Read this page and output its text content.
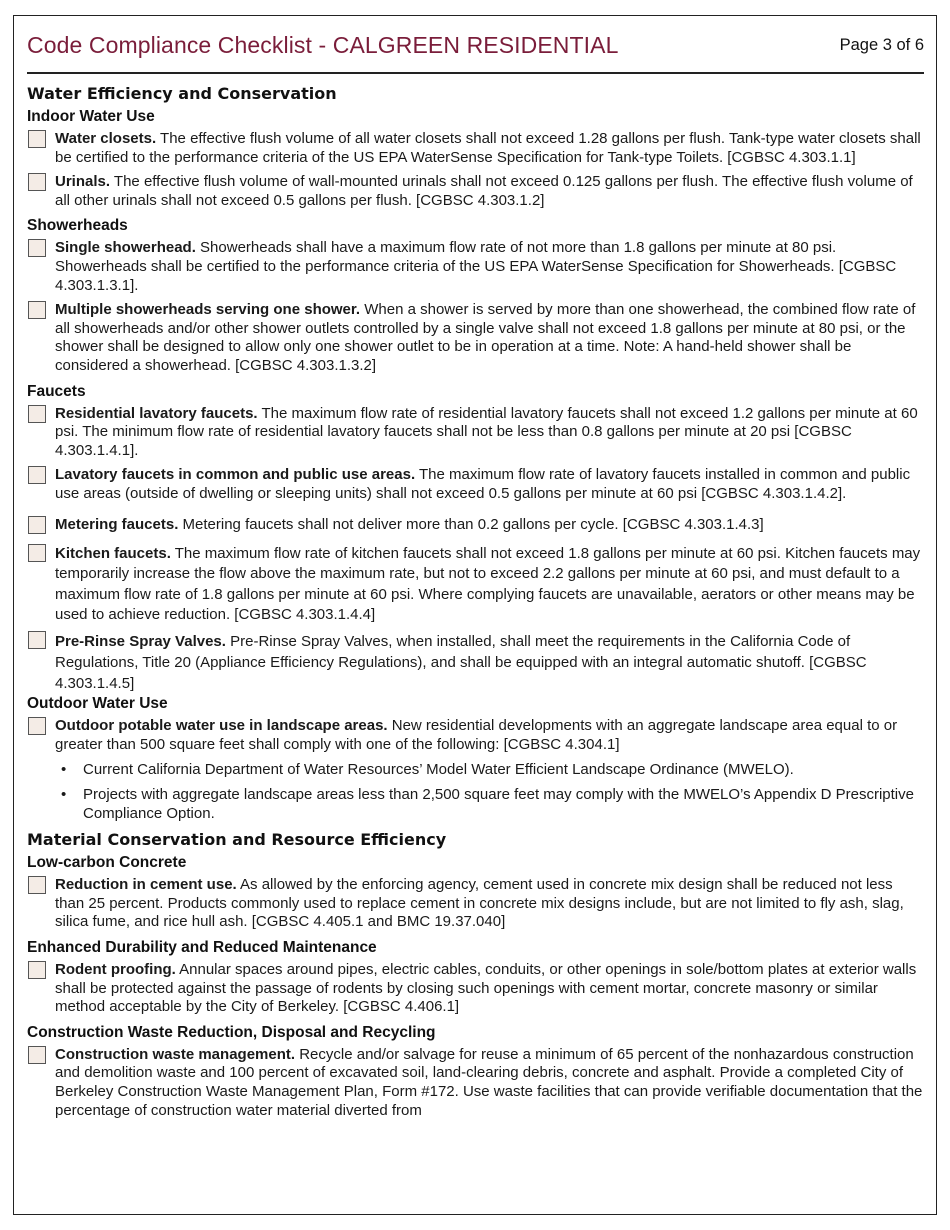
Code Compliance Checklist - CALGREEN RESIDENTIAL	Page 3 of 6
Water Efficiency and Conservation
Indoor Water Use
Water closets. The effective flush volume of all water closets shall not exceed 1.28 gallons per flush. Tank-type water closets shall be certified to the performance criteria of the US EPA WaterSense Specification for Tank-type Toilets. [CGBSC 4.303.1.1]
Urinals. The effective flush volume of wall-mounted urinals shall not exceed 0.125 gallons per flush. The effective flush volume of all other urinals shall not exceed 0.5 gallons per flush. [CGBSC 4.303.1.2]
Showerheads
Single showerhead. Showerheads shall have a maximum flow rate of not more than 1.8 gallons per minute at 80 psi. Showerheads shall be certified to the performance criteria of the US EPA WaterSense Specification for Showerheads. [CGBSC 4.303.1.3.1].
Multiple showerheads serving one shower. When a shower is served by more than one showerhead, the combined flow rate of all showerheads and/or other shower outlets controlled by a single valve shall not exceed 1.8 gallons per minute at 80 psi, or the shower shall be designed to allow only one shower outlet to be in operation at a time. Note: A hand-held shower shall be considered a showerhead. [CGBSC 4.303.1.3.2]
Faucets
Residential lavatory faucets. The maximum flow rate of residential lavatory faucets shall not exceed 1.2 gallons per minute at 60 psi. The minimum flow rate of residential lavatory faucets shall not be less than 0.8 gallons per minute at 20 psi [CGBSC 4.303.1.4.1].
Lavatory faucets in common and public use areas. The maximum flow rate of lavatory faucets installed in common and public use areas (outside of dwelling or sleeping units) shall not exceed 0.5 gallons per minute at 60 psi [CGBSC 4.303.1.4.2].
Metering faucets. Metering faucets shall not deliver more than 0.2 gallons per cycle. [CGBSC 4.303.1.4.3]
Kitchen faucets. The maximum flow rate of kitchen faucets shall not exceed 1.8 gallons per minute at 60 psi. Kitchen faucets may temporarily increase the flow above the maximum rate, but not to exceed 2.2 gallons per minute at 60 psi, and must default to a maximum flow rate of 1.8 gallons per minute at 60 psi. Where complying faucets are unavailable, aerators or other means may be used to achieve reduction. [CGBSC 4.303.1.4.4]
Pre-Rinse Spray Valves. Pre-Rinse Spray Valves, when installed, shall meet the requirements in the California Code of Regulations, Title 20 (Appliance Efficiency Regulations), and shall be equipped with an integral automatic shutoff. [CGBSC 4.303.1.4.5]
Outdoor Water Use
Outdoor potable water use in landscape areas. New residential developments with an aggregate landscape area equal to or greater than 500 square feet shall comply with one of the following: [CGBSC 4.304.1]
• Current California Department of Water Resources’ Model Water Efficient Landscape Ordinance (MWELO).
• Projects with aggregate landscape areas less than 2,500 square feet may comply with the MWELO’s Appendix D Prescriptive Compliance Option.
Material Conservation and Resource Efficiency
Low-carbon Concrete
Reduction in cement use. As allowed by the enforcing agency, cement used in concrete mix design shall be reduced not less than 25 percent. Products commonly used to replace cement in concrete mix designs include, but are not limited to fly ash, slag, silica fume, and rice hull ash. [CGBSC 4.405.1 and BMC 19.37.040]
Enhanced Durability and Reduced Maintenance
Rodent proofing. Annular spaces around pipes, electric cables, conduits, or other openings in sole/bottom plates at exterior walls shall be protected against the passage of rodents by closing such openings with cement mortar, concrete masonry or similar method acceptable by the City of Berkeley. [CGBSC 4.406.1]
Construction Waste Reduction, Disposal and Recycling
Construction waste management. Recycle and/or salvage for reuse a minimum of 65 percent of the nonhazardous construction and demolition waste and 100 percent of excavated soil, land-clearing debris, concrete and asphalt. Provide a completed City of Berkeley Construction Waste Management Plan, Form #172. Use waste facilities that can provide verifiable documentation that the percentage of construction water material diverted from
